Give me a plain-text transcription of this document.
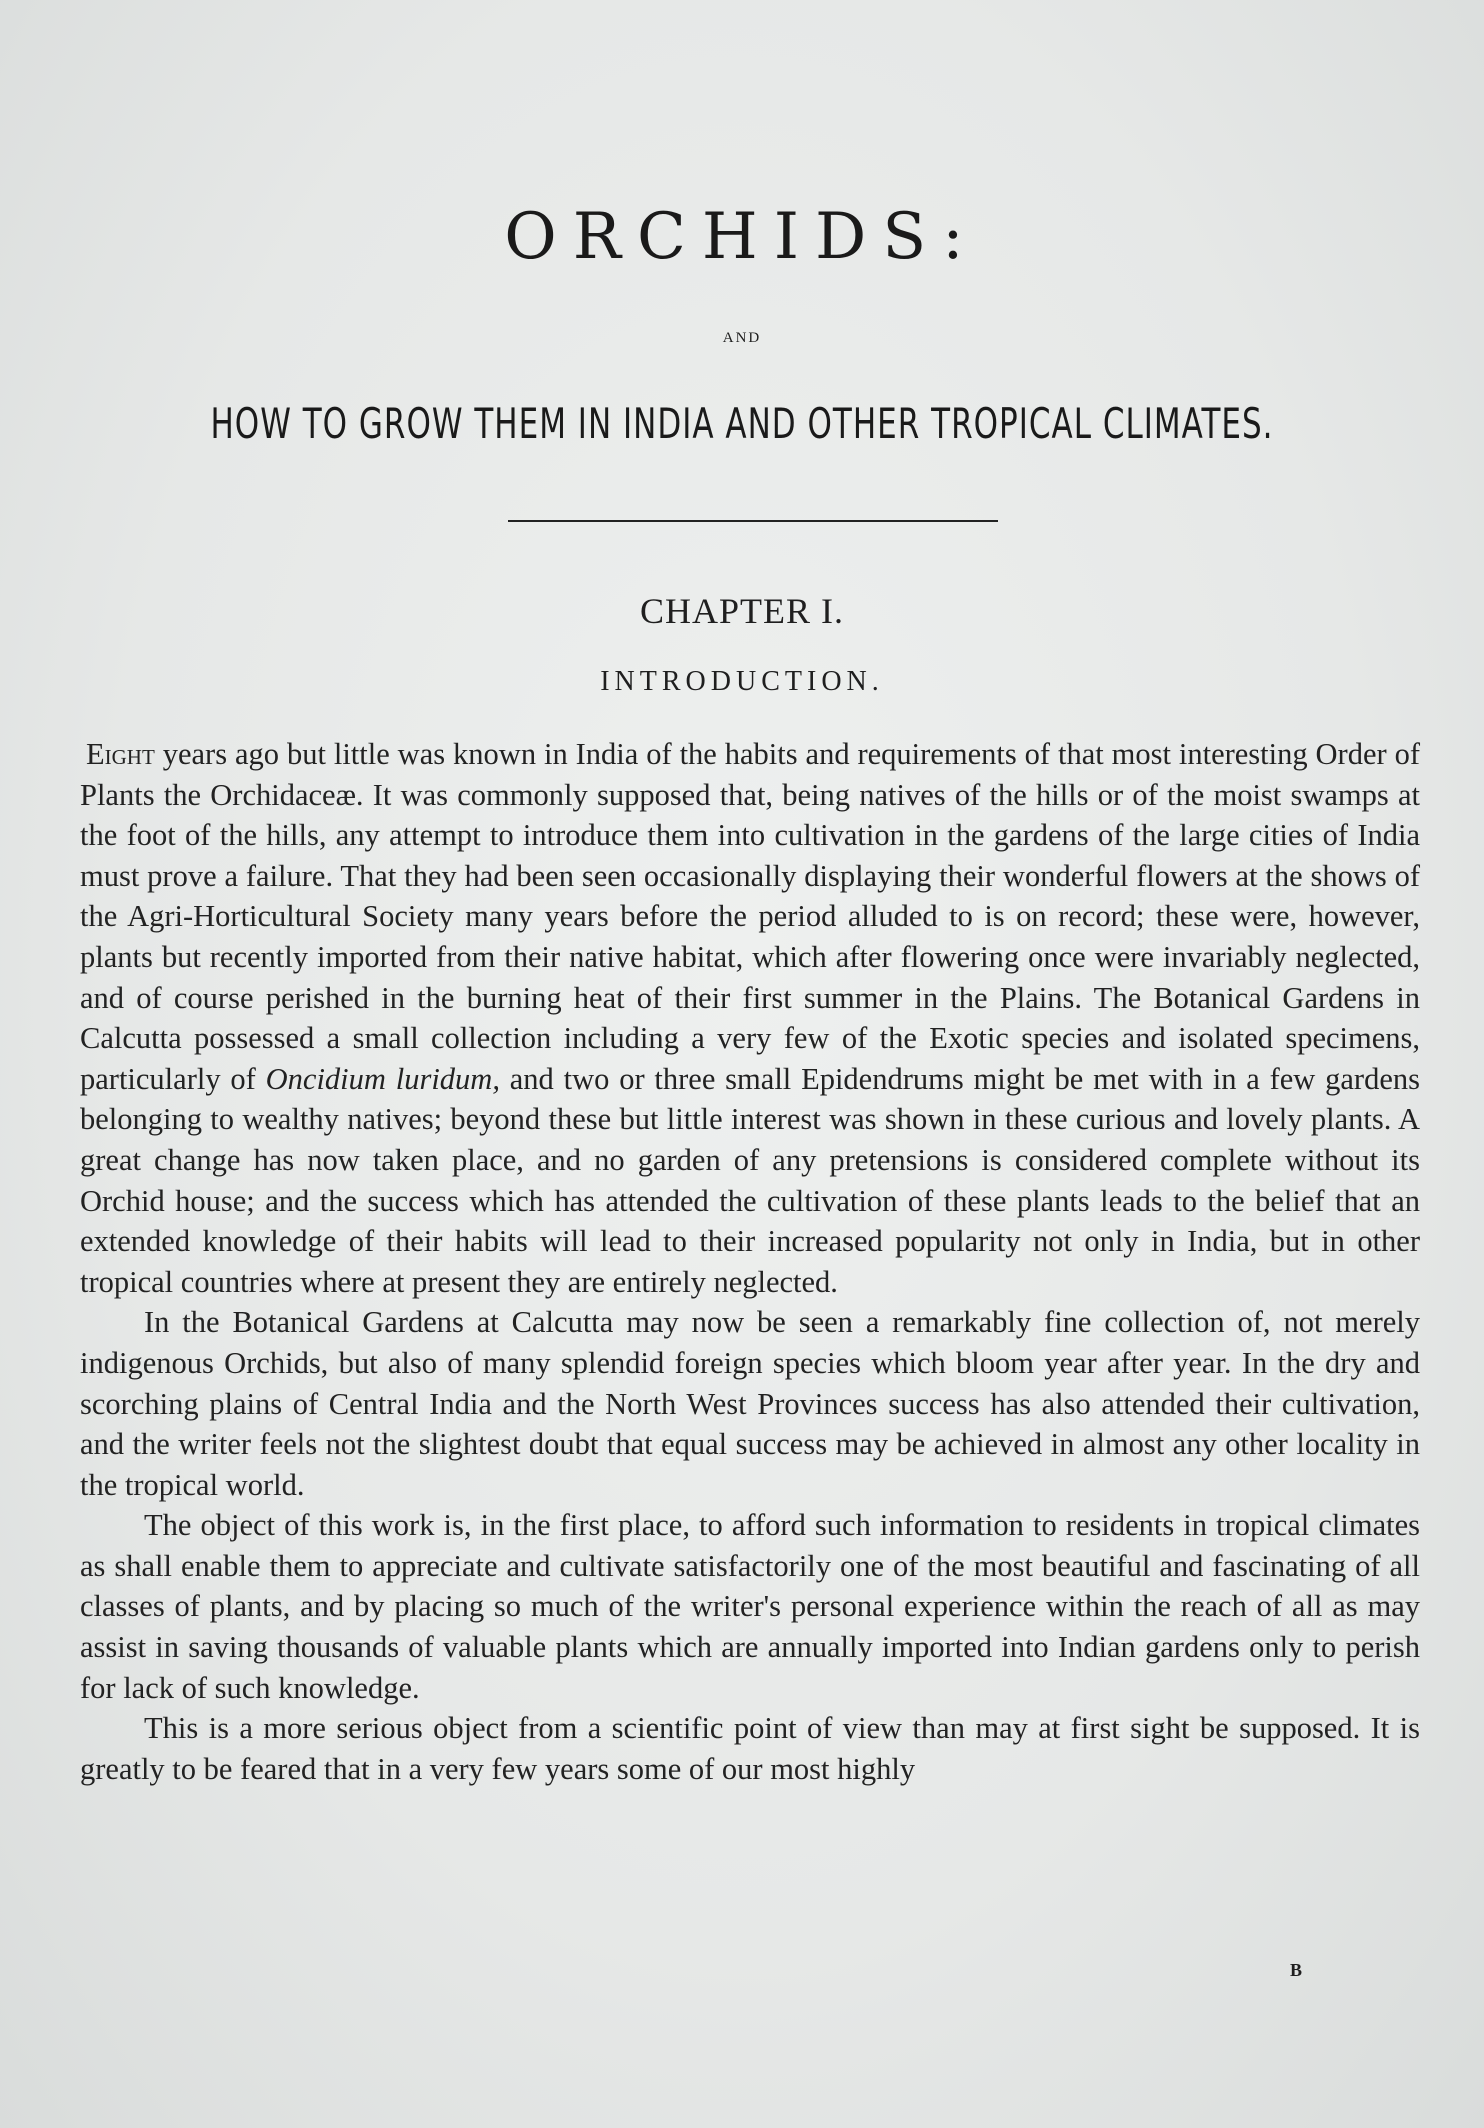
ORCHIDS:
AND
HOW TO GROW THEM IN INDIA AND OTHER TROPICAL CLIMATES.
CHAPTER I.
INTRODUCTION.

Eight years ago but little was known in India of the habits and requirements of that most interesting Order of Plants the Orchidaceæ. It was commonly supposed that, being natives of the hills or of the moist swamps at the foot of the hills, any attempt to introduce them into cultivation in the gardens of the large cities of India must prove a failure. That they had been seen occasionally displaying their wonderful flowers at the shows of the Agri-Horticultural Society many years before the period alluded to is on record; these were, however, plants but recently imported from their native habitat, which after flowering once were invariably neglected, and of course perished in the burning heat of their first summer in the Plains. The Botanical Gardens in Calcutta possessed a small collection including a very few of the Exotic species and isolated specimens, particularly of Oncidium luridum, and two or three small Epidendrums might be met with in a few gardens belonging to wealthy natives; beyond these but little interest was shown in these curious and lovely plants. A great change has now taken place, and no garden of any pretensions is considered complete without its Orchid house; and the success which has attended the cultivation of these plants leads to the belief that an extended knowledge of their habits will lead to their increased popularity not only in India, but in other tropical countries where at present they are entirely neglected.

In the Botanical Gardens at Calcutta may now be seen a remarkably fine collection of, not merely indigenous Orchids, but also of many splendid foreign species which bloom year after year. In the dry and scorching plains of Central India and the North West Provinces success has also attended their cultivation, and the writer feels not the slightest doubt that equal success may be achieved in almost any other locality in the tropical world.

The object of this work is, in the first place, to afford such information to residents in tropical climates as shall enable them to appreciate and cultivate satisfactorily one of the most beautiful and fascinating of all classes of plants, and by placing so much of the writer's personal experience within the reach of all as may assist in saving thousands of valuable plants which are annually imported into Indian gardens only to perish for lack of such knowledge.

This is a more serious object from a scientific point of view than may at first sight be supposed. It is greatly to be feared that in a very few years some of our most highly

B
